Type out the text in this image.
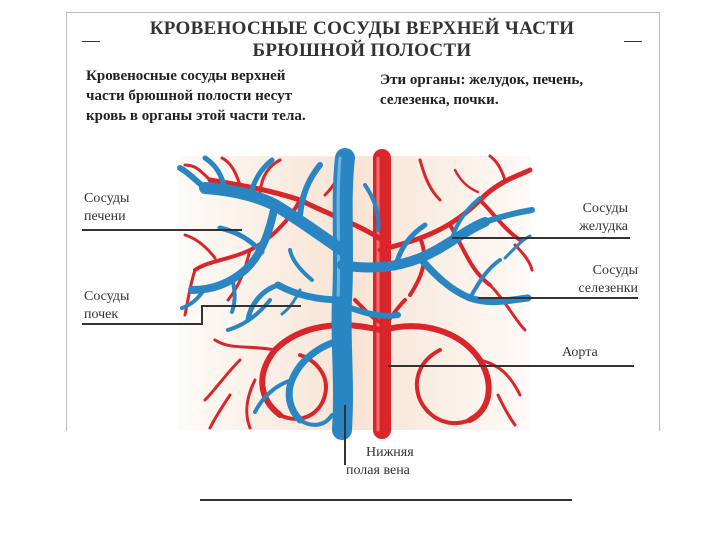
КРОВЕНОСНЫЕ СОСУДЫ ВЕРХНЕЙ ЧАСТИ
БРЮШНОЙ ПОЛОСТИ
Кровеносные сосуды верхней
части брюшной полости несут
кровь в органы этой части тела.
Эти органы: желудок, печень,
селезенка, почки.
Сосуды
печени
Сосуды
почек
Сосуды
желудка
Сосуды
селезенки
Аорта
Нижняя
полая вена
